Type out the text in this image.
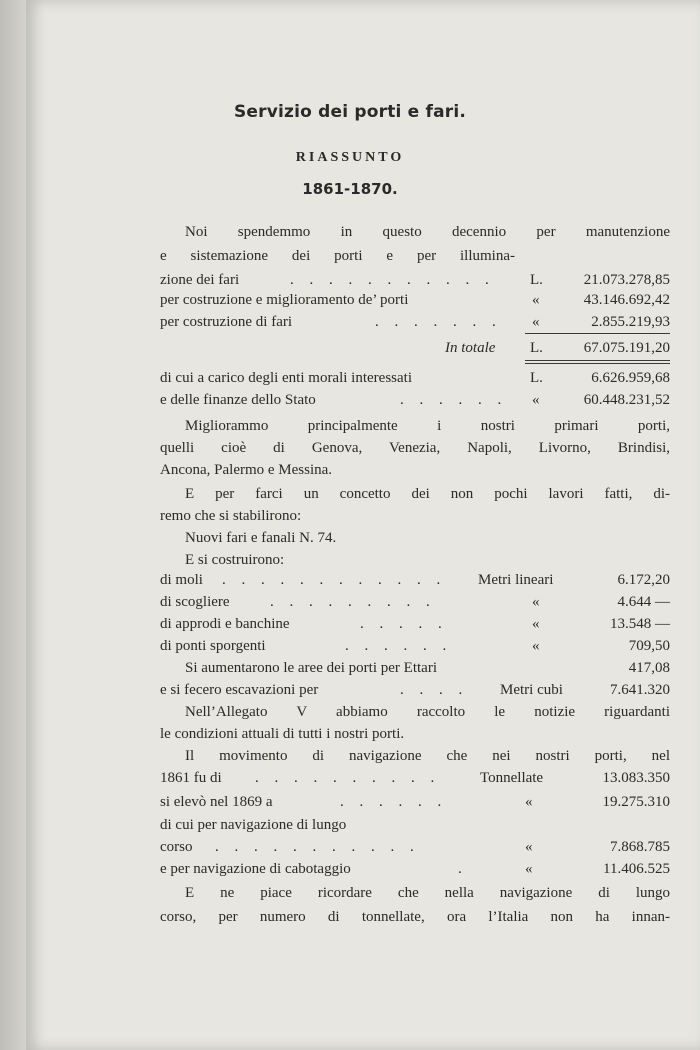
Servizio dei porti e fari.
RIASSUNTO
1861-1870.
Noi spendemmo in questo decennio per manutenzione
e sistemazione dei porti e per illumina-
zione dei fari	. . . . . . . . . . . L.	21.073.278,85
per costruzione e miglioramento de’ porti	«	43.146.692,42
per costruzione di fari	. . . . . . . «	2.855.219,93
In totale L.	67.075.191,20
di cui a carico degli enti morali interessati	L.	6.626.959,68
e delle finanze dello Stato	. . . . . . «	60.448.231,52
Migliorammo principalmente i nostri primari porti,
quelli cioè di Genova, Venezia, Napoli, Livorno, Brindisi,
Ancona, Palermo e Messina.
E per farci un concetto dei non pochi lavori fatti, di-
remo che si stabilirono:
Nuovi fari e fanali N. 74.
E si costruirono:
di moli . . . . . . . . . . . . Metri lineari	6.172,20
di scogliere	. . . . . . . . .	«	4.644 —
di approdi e banchine	. . . . .	«	13.548 —
di ponti sporgenti	. . . . . .	«	709,50
Si aumentarono le aree dei porti per Ettari	417,08
e si fecero escavazioni per	. . . . Metri cubi	7.641.320
Nell’Allegato V abbiamo raccolto le notizie riguardanti
le condizioni attuali di tutti i nostri porti.
Il movimento di navigazione che nei nostri porti, nel
1861 fu di . . . . . . . . . .	Tonnellate	13.083.350
si elevò nel 1869 a	. . . . . .	«	19.275.310
di cui per navigazione di lungo
corso . . . . . . . . . . .	«	7.868.785
e per navigazione di cabotaggio	.	«	11.406.525
E ne piace ricordare che nella navigazione di lungo
corso, per numero di tonnellate, ora l’Italia non ha innan-
